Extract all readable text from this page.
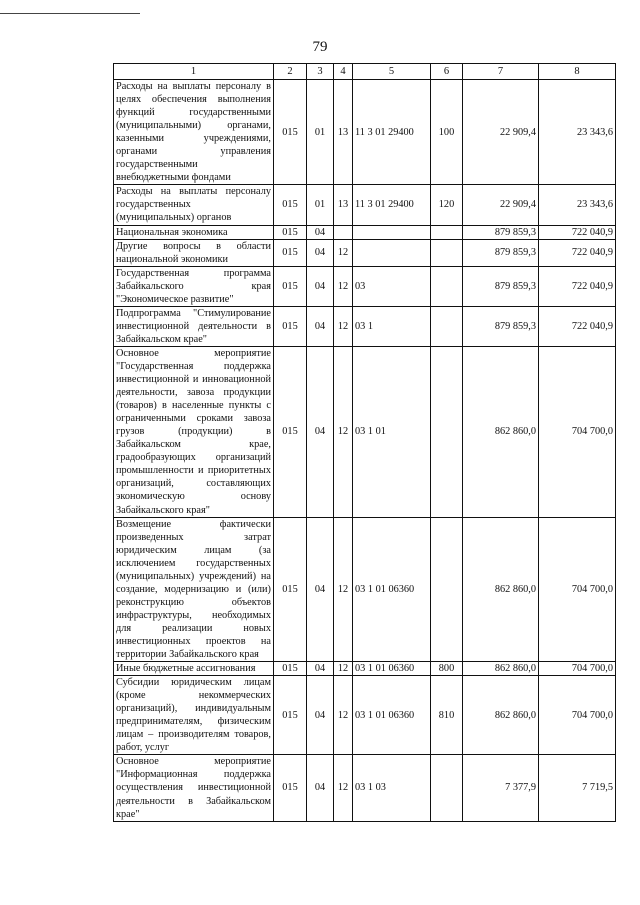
79
1	2	3	4	5	6	7	8
Расходы на выплаты персоналу в целях обеспечения выполнения функций государственными (муниципальными) органами, казенными учреждениями, органами управления государственными внебюджетными фондами	015	01	13	11 3 01 29400	100	22 909,4	23 343,6
Расходы на выплаты персоналу государственных (муниципальных) органов	015	01	13	11 3 01 29400	120	22 909,4	23 343,6
Национальная экономика	015	04				879 859,3	722 040,9
Другие вопросы в области национальной экономики	015	04	12			879 859,3	722 040,9
Государственная программа Забайкальского края "Экономическое развитие"	015	04	12	03		879 859,3	722 040,9
Подпрограмма "Стимулирование инвестиционной деятельности в Забайкальском крае"	015	04	12	03 1		879 859,3	722 040,9
Основное мероприятие "Государственная поддержка инвестиционной и инновационной деятельности, завоза продукции (товаров) в населенные пункты с ограниченными сроками завоза грузов (продукции) в Забайкальском крае, градообразующих организаций промышленности и приоритетных организаций, составляющих экономическую основу Забайкальского края"	015	04	12	03 1 01		862 860,0	704 700,0
Возмещение фактически произведенных затрат юридическим лицам (за исключением государственных (муниципальных) учреждений) на создание, модернизацию и (или) реконструкцию объектов инфраструктуры, необходимых для реализации новых инвестиционных проектов на территории Забайкальского края	015	04	12	03 1 01 06360		862 860,0	704 700,0
Иные бюджетные ассигнования	015	04	12	03 1 01 06360	800	862 860,0	704 700,0
Субсидии юридическим лицам (кроме некоммерческих организаций), индивидуальным предпринимателям, физическим лицам – производителям товаров, работ, услуг	015	04	12	03 1 01 06360	810	862 860,0	704 700,0
Основное мероприятие "Информационная поддержка осуществления инвестиционной деятельности в Забайкальском крае"	015	04	12	03 1 03		7 377,9	7 719,5
